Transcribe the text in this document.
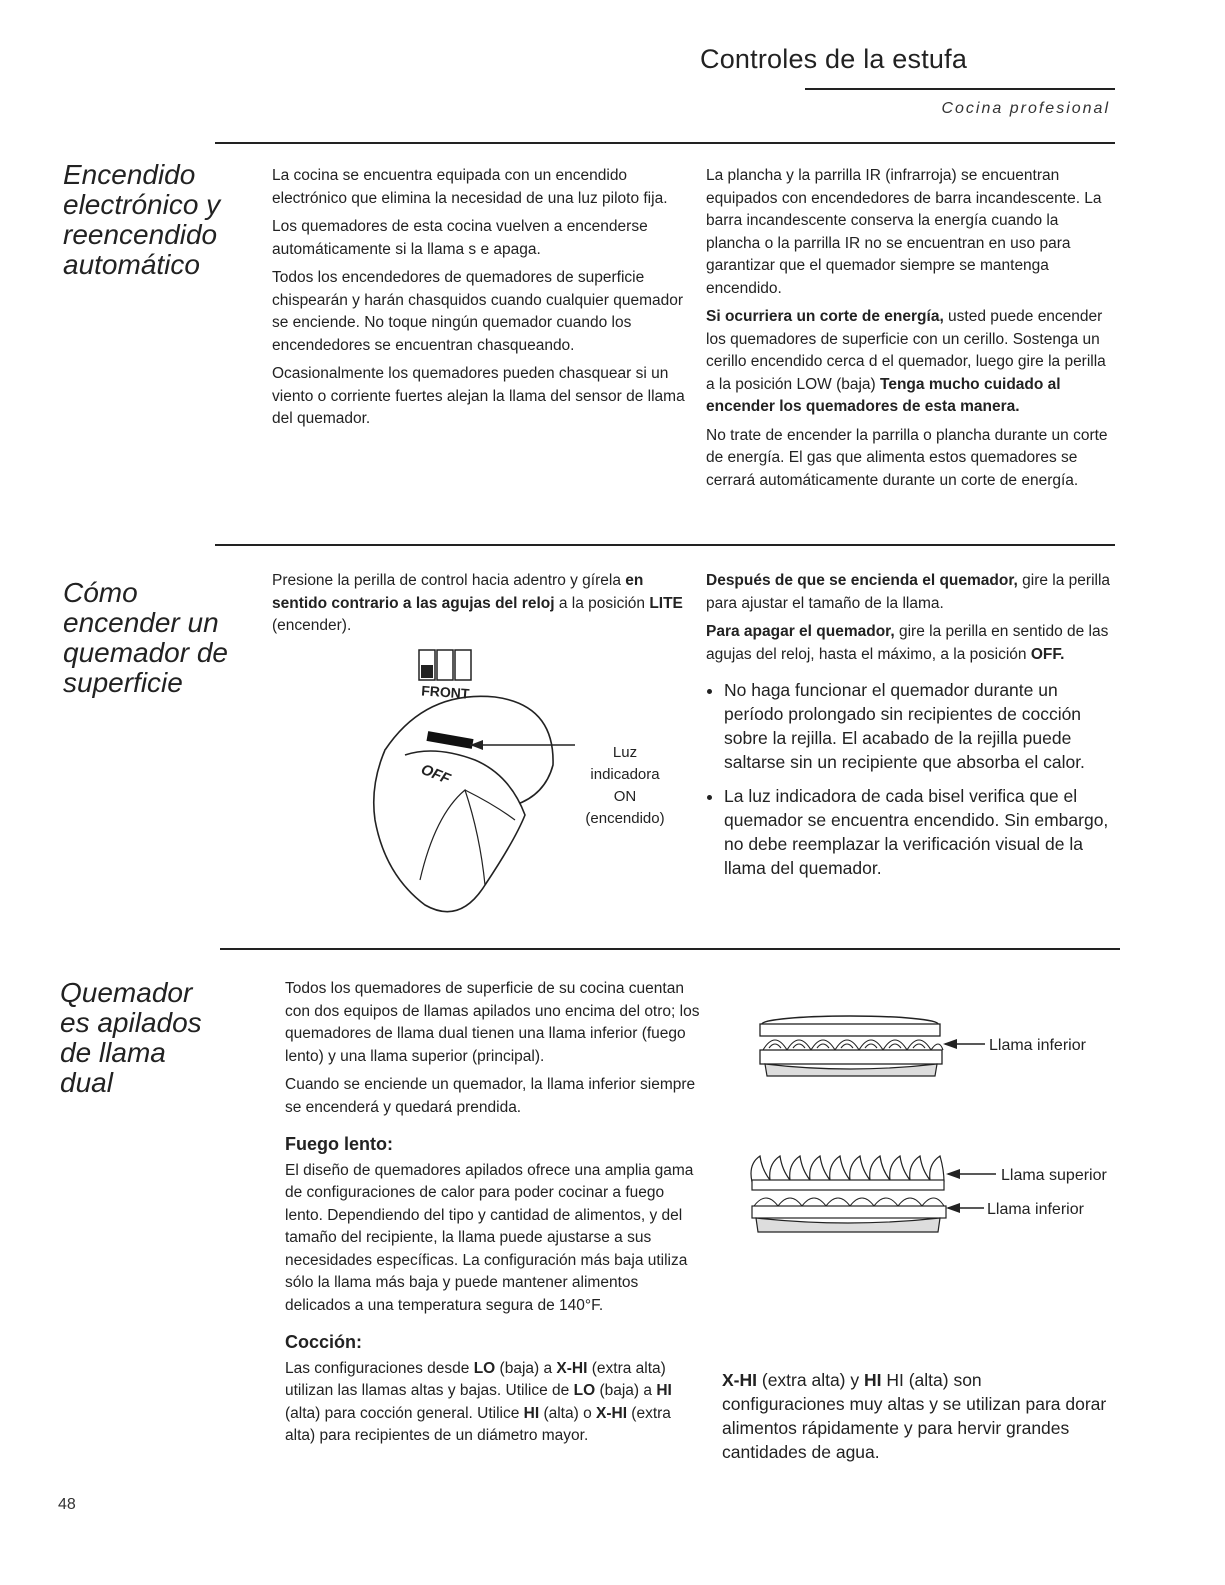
Controles de la estufa
Cocina profesional
Encendido electrónico y reencendido automático

La cocina se encuentra equipada con un encendido electrónico que elimina la necesidad de una luz piloto fija.

Los quemadores de esta cocina vuelven a encenderse automáticamente si la llama s e apaga.

Todos los encendedores de quemadores de superficie chispearán y harán chasquidos cuando cualquier quemador se enciende. No toque ningún quemador cuando los encendedores se encuentran chasqueando.

Ocasionalmente los quemadores pueden chasquear si un viento o corriente fuertes alejan la llama del sensor de llama del quemador.

La plancha y la parrilla IR (infrarroja) se encuentran equipados con encendedores de barra incandescente. La barra incandescente conserva la energía cuando la plancha o la parrilla IR no se encuentran en uso para garantizar que el quemador siempre se mantenga encendido.

Si ocurriera un corte de energía, usted puede encender los quemadores de superficie con un cerillo. Sostenga un cerillo encendido cerca d el quemador, luego gire la perilla a la posición LOW (baja) Tenga mucho cuidado al encender los quemadores de esta manera.

No trate de encender la parrilla o plancha durante un corte de energía. El gas que alimenta estos quemadores se cerrará automáticamente durante un corte de energía.

Cómo encender un quemador de superficie

Presione la perilla de control hacia adentro y gírela en sentido contrario a las agujas del reloj a la posición LITE (encender).

FRONT
OFF
Luz
indicadora
ON
(encendido)

Después de que se encienda el quemador, gire la perilla para ajustar el tamaño de la llama.

Para apagar el quemador, gire la perilla en sentido de las agujas del reloj, hasta el máximo, a la posición OFF.

• No haga funcionar el quemador durante un período prolongado sin recipientes de cocción sobre la rejilla. El acabado de la rejilla puede saltarse sin un recipiente que absorba el calor.
• La luz indicadora de cada bisel verifica que el quemador se encuentra encendido. Sin embargo, no debe reemplazar la verificación visual de la llama del quemador.
Quemador es apilados de llama dual

Todos los quemadores de superficie de su cocina cuentan con dos equipos de llamas apilados uno encima del otro; los quemadores de llama dual tienen una llama inferior (fuego lento) y una llama superior (principal).

Cuando se enciende un quemador, la llama inferior siempre se encenderá y quedará prendida.

Fuego lento:

El diseño de quemadores apilados ofrece una amplia gama de configuraciones de calor para poder cocinar a fuego lento. Dependiendo del tipo y cantidad de alimentos, y del tamaño del recipiente, la llama puede ajustarse a sus necesidades específicas. La configuración más baja utiliza sólo la llama más baja y puede mantener alimentos delicados a una temperatura segura de 140°F.

Cocción:

Las configuraciones desde LO (baja) a X-HI (extra alta) utilizan las llamas altas y bajas. Utilice de LO (baja) a HI (alta) para cocción general. Utilice HI (alta) o X-HI (extra alta) para recipientes de un diámetro mayor.

Llama inferior
Llama superior
Llama inferior

X-HI (extra alta) y HI HI (alta) son configuraciones muy altas y se utilizan para dorar alimentos rápidamente y para hervir grandes cantidades de agua.

48
